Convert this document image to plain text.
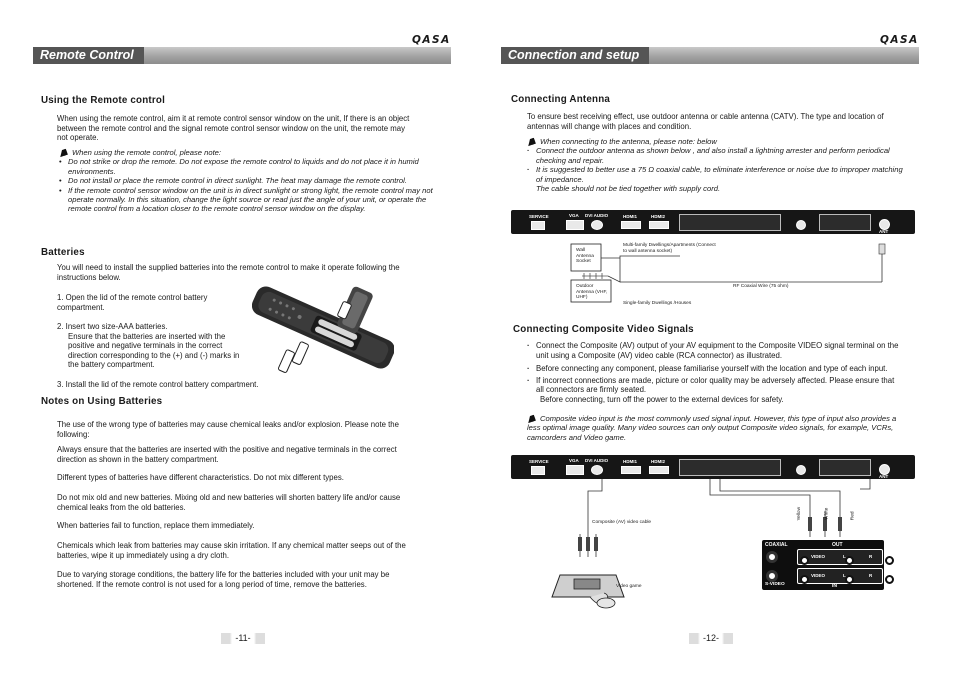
QASA
Remote Control
Using the Remote control
When using the remote control, aim it at remote control sensor window on the unit, If there is an object between the remote control and the signal remote control sensor window on the unit, the remote may not operate.
When using the remote control, please note:
• Do not strike or drop the remote. Do not expose the remote control to liquids and do not place it in humid environments.
• Do not install or place the remote control in direct sunlight. The heat may damage the remote control.
• If the remote control sensor window on the unit is in direct sunlight or strong light, the remote control may not operate normally. In this situation, change the light source or read just the angle of your unit, or operate the remote control from a location closer to the remote control sensor window on the display.
Batteries
You will need to install the supplied batteries into the remote control to make it operate following the instructions below.
1. Open the lid of the remote control battery compartment.
2. Insert two size-AAA batteries.
Ensure that the batteries are inserted with the positive and negative terminals in the correct direction corresponding to the (+) and (-) marks in the battery compartment.
3. Install the lid of the remote control battery compartment.
Notes on Using Batteries
The use of the wrong type of batteries may cause chemical leaks and/or explosion. Please note the following:
Always ensure that the batteries are inserted with the positive and negative terminals in the correct direction as shown in the battery compartment.
Different types of batteries have different characteristics. Do not mix different types.
Do not mix old and new batteries. Mixing old and new batteries will shorten battery life and/or cause chemical leaks from the old batteries.
When batteries fail to function, replace them immediately.
Chemicals which leak from batteries may cause skin irritation. If any chemical matter seeps out of the batteries, wipe it up immediately using a dry cloth.
Due to varying storage conditions, the battery life for the batteries included with your unit may be shortened. If the remote control is not used for a long period of time, remove the batteries.
-11-
QASA
Connection and setup
Connecting Antenna
To ensure best receiving effect, use outdoor antenna or cable antenna (CATV). The type and location of antennas will change with places and condition.
When connecting to the antenna, please note: below
· Connect the outdoor antenna as shown below , and also install a lightning arrester and perform periodical checking and repair.
· It is suggested to better use a 75 Ω coaxial cable, to eliminate interference or noise due to improper matching of impedance.
The cable should not be tied together with supply cord.
SERVICE	VGA DVI AUDIO	HDMI1	HDMI2
ANT
Wall Antenna Socket
Outdoor Antenna (VHF, UHF)
Multi-family Dwellings/Apartments (Connect to wall antenna socket)
Single-family Dwellings /Houses
RF Coaxial Wire (75 ohm)
Connecting Composite Video Signals
· Connect the Composite (AV) output of your AV equipment to the Composite VIDEO signal terminal on the unit using a Composite (AV) video cable (RCA connector) as illustrated.
· Before connecting any component, please familiarise yourself with the location and type of each input.
· If incorrect connections are made, picture or color quality may be adversely affected. Please ensure that all connectors are firmly seated.
Before connecting, turn off the power to the external devices for safety.
Composite video input is the most commonly used signal input. However, this type of input also provides a less optimal image quality. Many video sources can only output Composite video signals, for example, VCRs, camcorders and Video game.
SERVICE	VGA DVI AUDIO	HDMI1	HDMI2
ANT
Composite (AV) video cable
Video game
Yellow	White	Red
COAXIAL	OUT
S-VIDEO

VIDEO
	L	R

VIDEO
	L	R
IN
-12-
